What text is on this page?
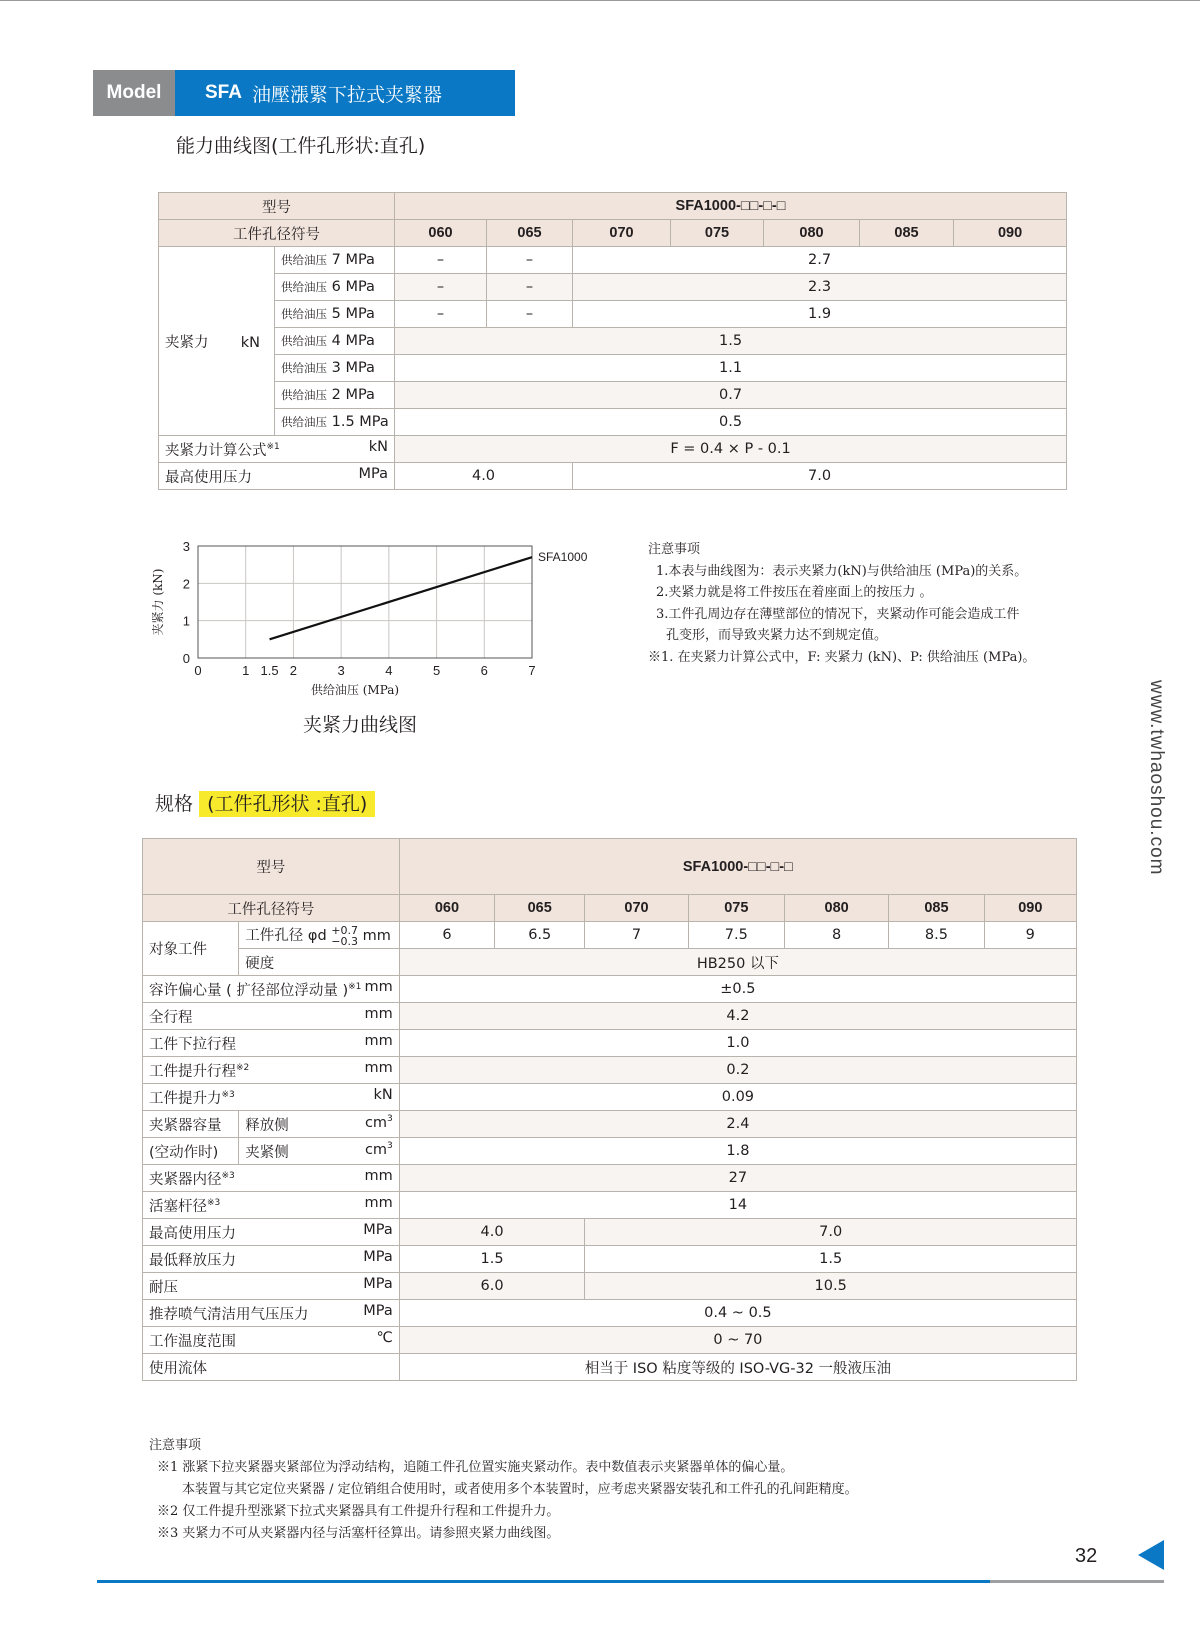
Model	SFA 油壓漲緊下拉式夹緊器
能力曲线图(工件孔形状:直孔)
型号		SFA1000-□□-□-□						
工件孔径符号		060	065	070	075	080	085	090
夹紧力 kN	供给油压 7 MPa	–	–	2.7				
	供给油压 6 MPa	–	–	2.3				
	供给油压 5 MPa	–	–	1.9				
	供给油压 4 MPa	1.5						
	供给油压 3 MPa	1.1						
	供给油压 2 MPa	0.7						
	供给油压 1.5 MPa	0.5						

夹紧力计算公式$^{※1}$ kN		F = 0.4 × P - 0.1						

最高使用压力 MPa		4.0		7.0				
0	1 1.5 2	3	4	5	6	7
0
1
2
3
供给油压 (MPa)
夹紧力 (kN)
SFA1000
夹紧力曲线图
注意事项
1.本表与曲线图为：表示夹紧力(kN)与供给油压 (MPa)的关系。
2.夹紧力就是将工件按压在着座面上的按压力 。
3.工件孔周边存在薄壁部位的情况下，夹紧动作可能会造成工件
孔变形，而导致夹紧力达不到规定值。
※1. 在夹紧力计算公式中，F: 夹紧力 (kN)、P: 供给油压 (MPa)。
规格 (工件孔形状 :直孔)
型号		SFA1000-□□-□-□						
工件孔径符号		060	065	070	075	080	085	090
对象工件	工件孔径 φd +0.7
−0.3 mm	6	6.5	7	7.5	8	8.5	9
	硬度	HB250 以下						

容许偏心量 ( 扩径部位浮动量 )$^{※1}$ mm		±0.5						

全行程 mm		4.2						

工件下拉行程 mm		1.0						

工件提升行程$^{※2}$ mm		0.2						

工件提升力$^{※3}$ kN		0.09						
夹紧器容量	释放侧 $cm^3$	2.4						
(空动作时)	夹紧侧 $cm^3$	1.8						

夹紧器内径$^{※3}$ mm		27						

活塞杆径$^{※3}$ mm		14						

最高使用压力 MPa		4.0		7.0				

最低释放压力 MPa		1.5		1.5				

耐压 MPa		6.0		10.5				

推荐喷气清洁用气压压力 MPa		0.4 ~ 0.5						

工作温度范围 ℃		0 ~ 70						
使用流体		相当于 ISO 粘度等级的 ISO-VG-32 一般液压油						
注意事项
※1 涨紧下拉夹紧器夹紧部位为浮动结构，追随工件孔位置实施夹紧动作。表中数值表示夹紧器单体的偏心量。
本装置与其它定位夹紧器 / 定位销组合使用时，或者使用多个本装置时，应考虑夹紧器安装孔和工件孔的孔间距精度。
※2 仅工件提升型涨紧下拉式夹紧器具有工件提升行程和工件提升力。
※3 夹紧力不可从夹紧器内径与活塞杆径算出。请参照夹紧力曲线图。
www.twhaoshou.com
32
